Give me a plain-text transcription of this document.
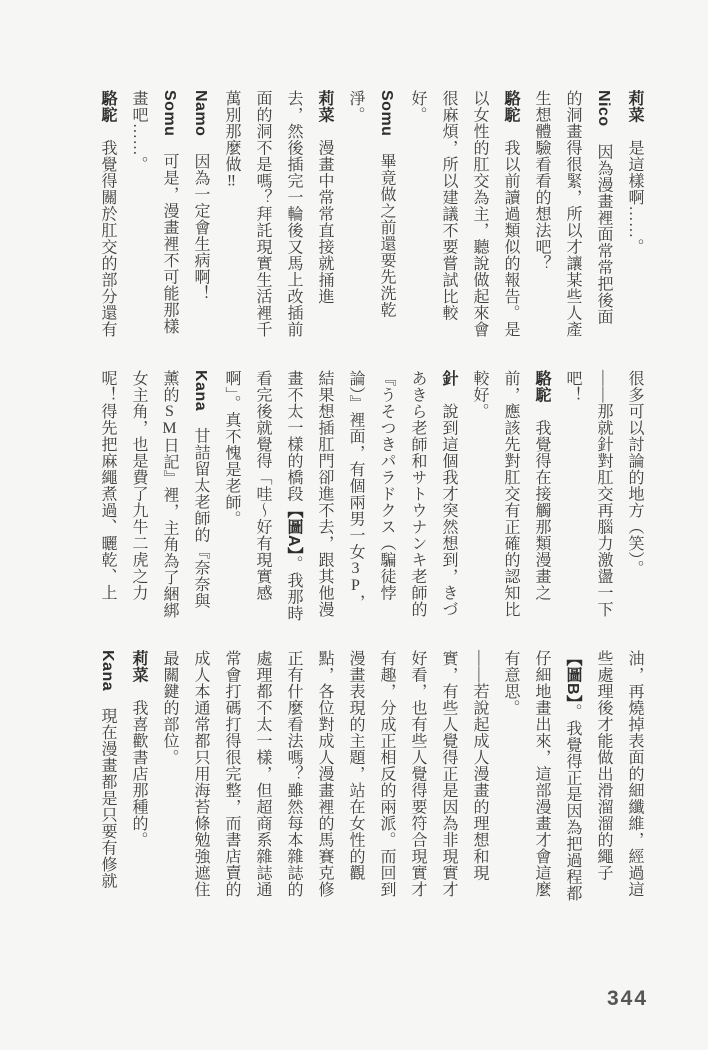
莉菜　是這樣啊……。

Nico　因為漫畫裡面常常把後面

的洞畫得很緊，所以才讓某些人產

生想體驗看看的想法吧？

駱駝　我以前讀過類似的報告。是

以女性的肛交為主，聽說做起來會

很麻煩，所以建議不要嘗試比較

好。

Somu　畢竟做之前還要先洗乾

淨。

莉菜　漫畫中常常直接就捅進

去，然後插完一輪後又馬上改插前

面的洞不是嗎？拜託現實生活裡千

萬別那麼做‼

Namo　因為一定會生病啊！

Somu　可是，漫畫裡不可能那樣

畫吧……。

駱駝　我覺得關於肛交的部分還有

很多可以討論的地方（笑）。

——那就針對肛交再腦力激盪一下

吧！

駱駝　我覺得在接觸那類漫畫之

前，應該先對肛交有正確的認知比

較好。

針　說到這個我才突然想到，きづ

あきら老師和サトウナンキ老師的

『うそつきパラドクス（騙徒悖

論）』裡面，有個兩男一女3P，

結果想插肛門卻進不去，跟其他漫

畫不太一樣的橋段【圖A】。我那時

看完後就覺得「哇～好有現實感

啊」。真不愧是老師。

Kana　甘詰留太老師的『奈奈與

薰的SM日記』裡，主角為了綑綁

女主角，也是費了九牛二虎之力

呢！得先把麻繩煮過、曬乾、上

油，再燒掉表面的細纖維，經過這

些處理後才能做出滑溜溜的繩子

【圖B】。我覺得正是因為把過程都

仔細地畫出來，這部漫畫才會這麼

有意思。

——若說起成人漫畫的理想和現

實，有些人覺得正是因為非現實才

好看，也有些人覺得要符合現實才

有趣，分成正相反的兩派。而回到

漫畫表現的主題，站在女性的觀

點，各位對成人漫畫裡的馬賽克修

正有什麼看法嗎？雖然每本雜誌的

處理都不太一樣，但超商系雜誌通

常會打碼打得很完整，而書店賣的

成人本通常都只用海苔條勉強遮住

最關鍵的部位。

莉菜　我喜歡書店那種的。

Kana　現在漫畫都是只要有修就

344
